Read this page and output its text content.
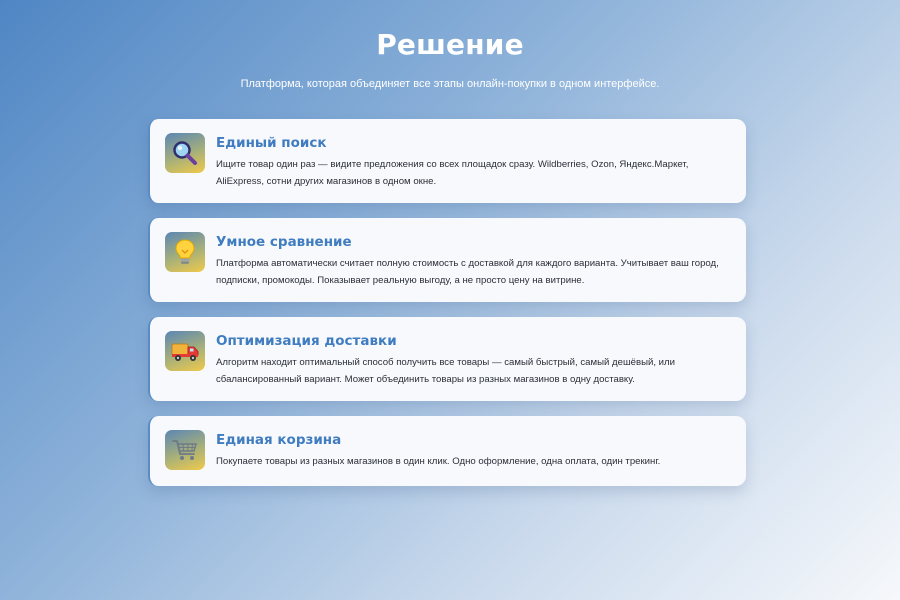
Решение
Платформа, которая объединяет все этапы онлайн-покупки в одном интерфейсе.
Единый поиск
Ищите товар один раз — видите предложения со всех площадок сразу. Wildberries, Ozon, Яндекс.Маркет, AliExpress, сотни других магазинов в одном окне.
Умное сравнение
Платформа автоматически считает полную стоимость с доставкой для каждого варианта. Учитывает ваш город, подписки, промокоды. Показывает реальную выгоду, а не просто цену на витрине.
Оптимизация доставки
Алгоритм находит оптимальный способ получить все товары — самый быстрый, самый дешёвый, или сбалансированный вариант. Может объединить товары из разных магазинов в одну доставку.
Единая корзина
Покупаете товары из разных магазинов в один клик. Одно оформление, одна оплата, один трекинг.
